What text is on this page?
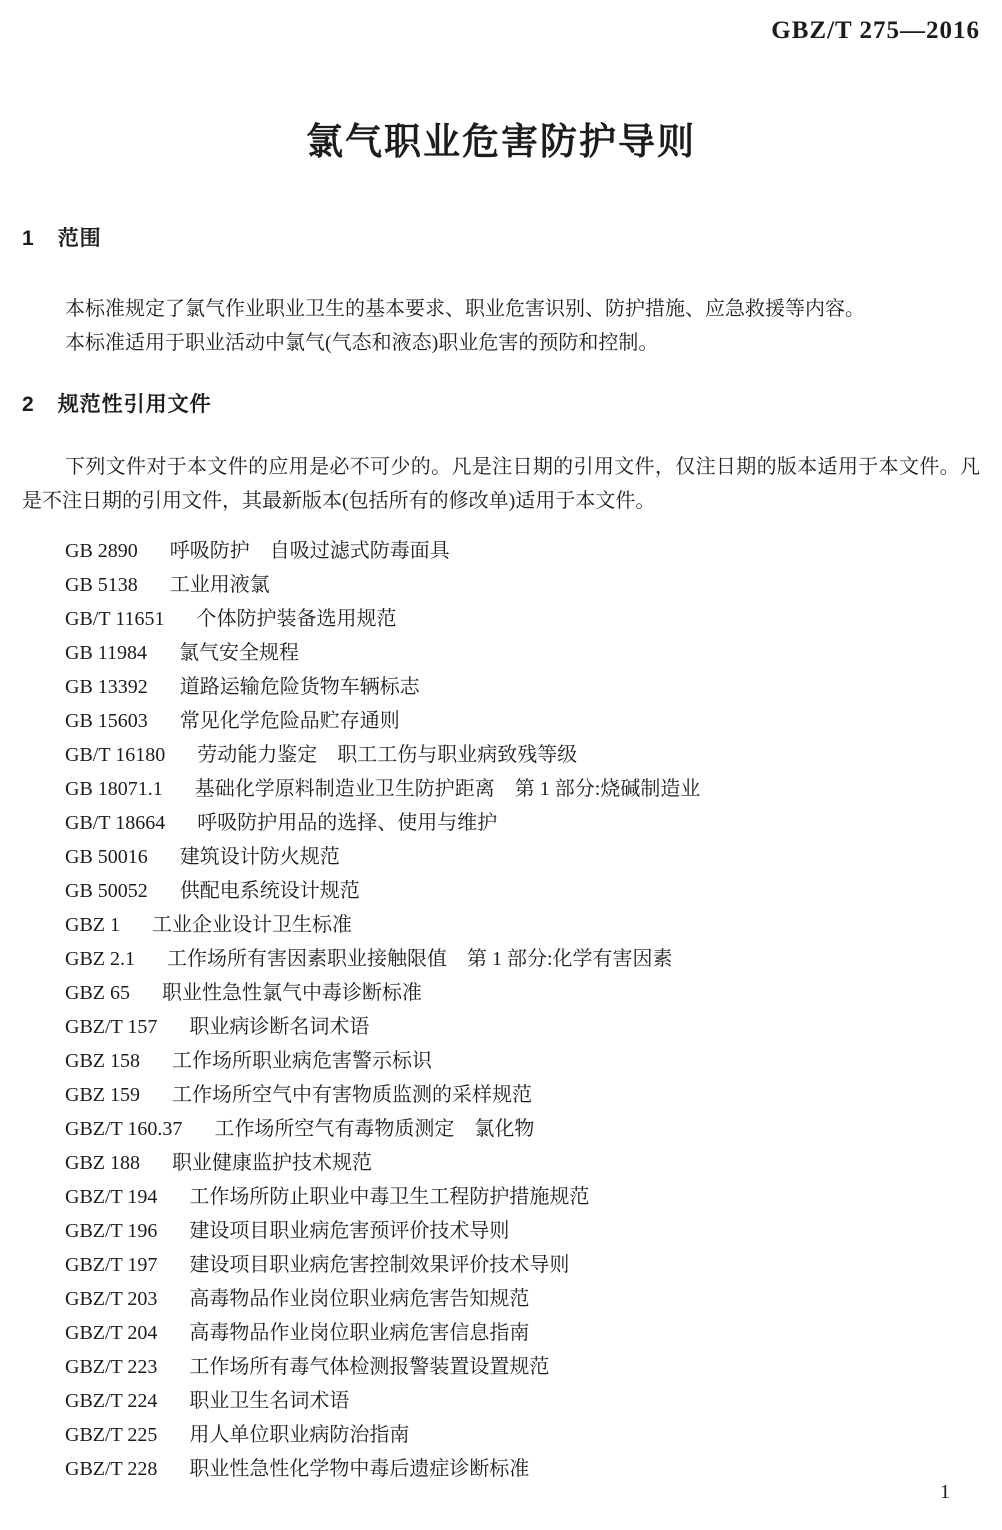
GBZ/T 275—2016
氯气职业危害防护导则
1 范围

本标准规定了氯气作业职业卫生的基本要求、职业危害识别、防护措施、应急救援等内容。

本标准适用于职业活动中氯气(气态和液态)职业危害的预防和控制。

2 规范性引用文件

下列文件对于本文件的应用是必不可少的。凡是注日期的引用文件，仅注日期的版本适用于本文件。凡是不注日期的引用文件，其最新版本(包括所有的修改单)适用于本文件。

GB 2890 呼吸防护　自吸过滤式防毒面具
GB 5138 工业用液氯
GB/T 11651 个体防护装备选用规范
GB 11984 氯气安全规程
GB 13392 道路运输危险货物车辆标志
GB 15603 常见化学危险品贮存通则
GB/T 16180 劳动能力鉴定　职工工伤与职业病致残等级
GB 18071.1 基础化学原料制造业卫生防护距离　第 1 部分:烧碱制造业
GB/T 18664 呼吸防护用品的选择、使用与维护
GB 50016 建筑设计防火规范
GB 50052 供配电系统设计规范
GBZ 1 工业企业设计卫生标准
GBZ 2.1 工作场所有害因素职业接触限值　第 1 部分:化学有害因素
GBZ 65 职业性急性氯气中毒诊断标准
GBZ/T 157 职业病诊断名词术语
GBZ 158 工作场所职业病危害警示标识
GBZ 159 工作场所空气中有害物质监测的采样规范
GBZ/T 160.37 工作场所空气有毒物质测定　氯化物
GBZ 188 职业健康监护技术规范
GBZ/T 194 工作场所防止职业中毒卫生工程防护措施规范
GBZ/T 196 建设项目职业病危害预评价技术导则
GBZ/T 197 建设项目职业病危害控制效果评价技术导则
GBZ/T 203 高毒物品作业岗位职业病危害告知规范
GBZ/T 204 高毒物品作业岗位职业病危害信息指南
GBZ/T 223 工作场所有毒气体检测报警装置设置规范
GBZ/T 224 职业卫生名词术语
GBZ/T 225 用人单位职业病防治指南
GBZ/T 228 职业性急性化学物中毒后遗症诊断标准
1
